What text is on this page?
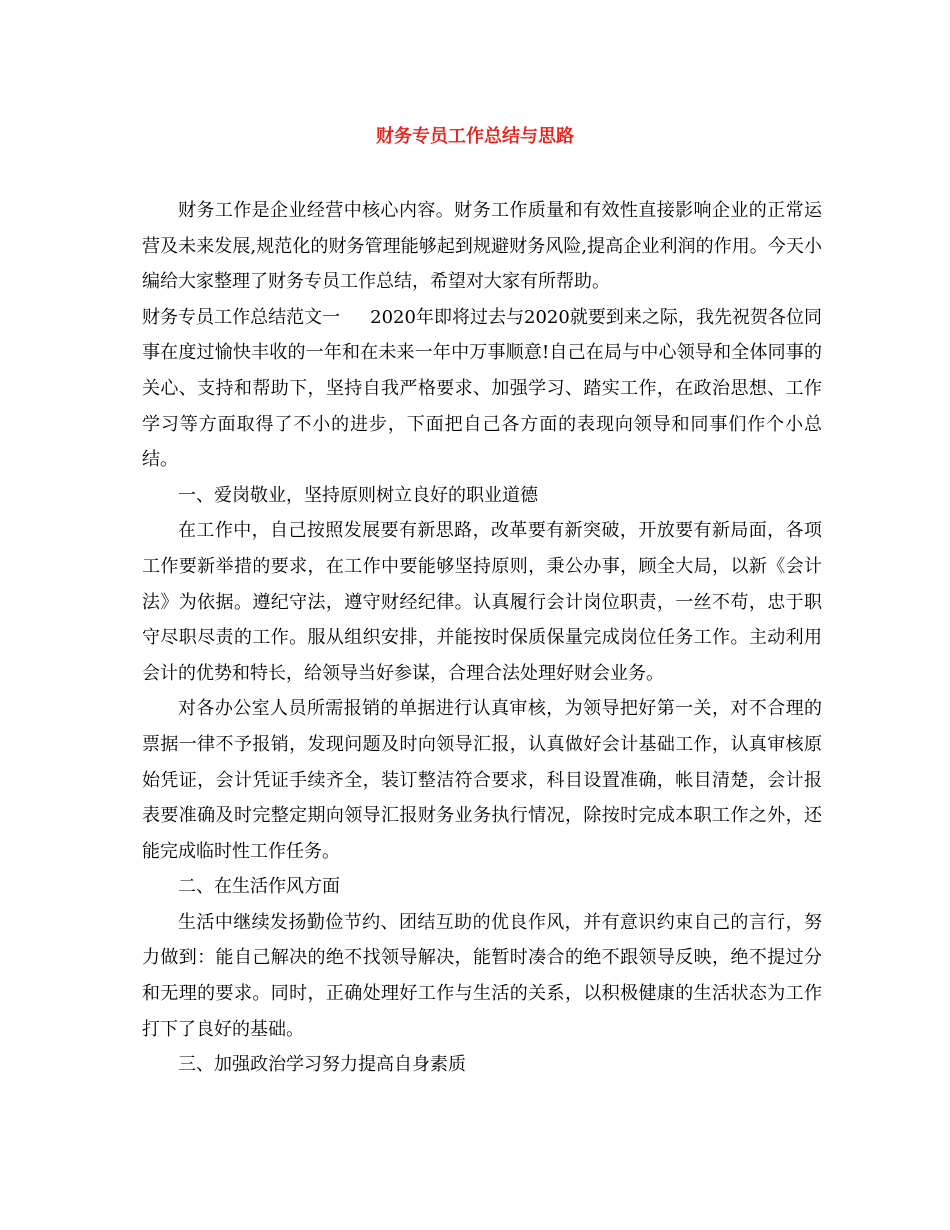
财务专员工作总结与思路

财务工作是企业经营中核心内容。财务工作质量和有效性直接影响企业的正常运营及未来发展,规范化的财务管理能够起到规避财务风险,提高企业利润的作用。今天小编给大家整理了财务专员工作总结，希望对大家有所帮助。

财务专员工作总结范文一 2020年即将过去与2020就要到来之际，我先祝贺各位同事在度过愉快丰收的一年和在未来一年中万事顺意!自己在局与中心领导和全体同事的关心、支持和帮助下，坚持自我严格要求、加强学习、踏实工作，在政治思想、工作学习等方面取得了不小的进步，下面把自己各方面的表现向领导和同事们作个小总结。

一、爱岗敬业，坚持原则树立良好的职业道德

在工作中，自己按照发展要有新思路，改革要有新突破，开放要有新局面，各项工作要新举措的要求，在工作中要能够坚持原则，秉公办事，顾全大局，以新《会计法》为依据。遵纪守法，遵守财经纪律。认真履行会计岗位职责，一丝不苟，忠于职守尽职尽责的工作。服从组织安排，并能按时保质保量完成岗位任务工作。主动利用会计的优势和特长，给领导当好参谋，合理合法处理好财会业务。

对各办公室人员所需报销的单据进行认真审核，为领导把好第一关，对不合理的票据一律不予报销，发现问题及时向领导汇报，认真做好会计基础工作，认真审核原始凭证，会计凭证手续齐全，装订整洁符合要求，科目设置准确，帐目清楚，会计报表要准确及时完整定期向领导汇报财务业务执行情况，除按时完成本职工作之外，还能完成临时性工作任务。

二、在生活作风方面

生活中继续发扬勤俭节约、团结互助的优良作风，并有意识约束自己的言行，努力做到：能自己解决的绝不找领导解决，能暂时凑合的绝不跟领导反映，绝不提过分和无理的要求。同时，正确处理好工作与生活的关系，以积极健康的生活状态为工作打下了良好的基础。

三、加强政治学习努力提高自身素质
